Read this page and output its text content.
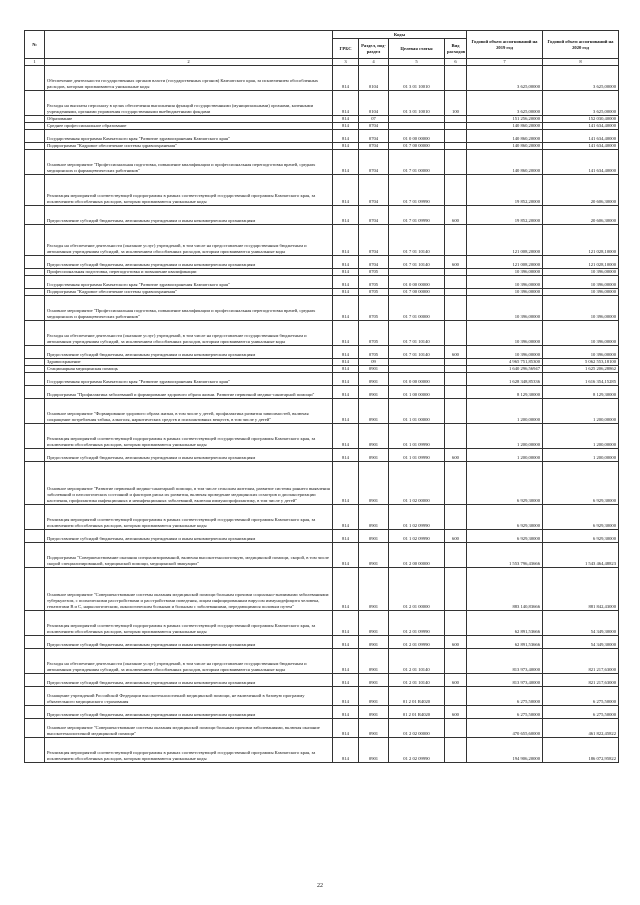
№		Коды				Годовой объем ассигнований на 2019 год	Годовой объем ассигнований на 2020 год
		ГРБС	Раздел, под-раздел	Целевая статья	Вид расходов		
1	2	3	4	5	6	7	8
	Обеспечение деятельности государственных органов власти (государственных органов) Камчатского края, за исключением обособленных расходов, которым присваиваются уникальные коды	814	0104	01 3 01 10010		3 625,00000	3 625,00000
	Расходы на выплаты персоналу в целях обеспечения выполнения функций государственными (муниципальными) органами, казенными учреждениями, органами управления государственными внебюджетными фондами	814	0104	01 3 01 10010	100	3 625,00000	3 625,00000
	Образование	814	07			151 256,20000	152 030,40000
	Среднее профессиональное образование	814	0704			140 860,20000	141 634,40000
	Государственная программа Камчатского края "Развитие здравоохранения Камчатского края"	814	0704	01 0 00 00000		140 860,20000	141 634,40000
	Подпрограмма "Кадровое обеспечение системы здравоохранения"	814	0704	01 7 00 00000		140 860,20000	141 634,40000
	Основное мероприятие "Профессиональная подготовка, повышение квалификации и профессиональная переподготовка врачей, средних медицинских и фармацевтических работников"	814	0704	01 7 01 00000		140 860,20000	141 634,40000
	Реализация мероприятий соответствующей подпрограммы в рамках соответствующей государственной программы Камчатского края, за исключением обособленных расходов, которым присваиваются уникальные коды	814	0704	01 7 01 09990		19 852,20000	20 606,30000
	Предоставление субсидий бюджетным, автономным учреждениям и иным некоммерческим организациям	814	0704	01 7 01 09990	600	19 852,20000	20 606,30000
	Расходы на обеспечение деятельности (оказание услуг) учреждений, в том числе на предоставление государственным бюджетным и автономным учреждениям субсидий, за исключением обособленных расходов, которым присваиваются уникальные коды	814	0704	01 7 01 10140		121 008,20000	121 028,10000
	Предоставление субсидий бюджетным, автономным учреждениям и иным некоммерческим организациям	814	0704	01 7 01 10140	600	121 008,20000	121 028,10000
	Профессиональная подготовка, переподготовка и повышение квалификации	814	0705			10 396,00000	10 396,00000
	Государственная программа Камчатского края "Развитие здравоохранения Камчатского края"	814	0705	01 0 00 00000		10 396,00000	10 396,00000
	Подпрограмма "Кадровое обеспечение системы здравоохранения"	814	0705	01 7 00 00000		10 396,00000	10 396,00000
	Основное мероприятие "Профессиональная подготовка, повышение квалификации и профессиональная переподготовка врачей, средних медицинских и фармацевтических работников"	814	0705	01 7 01 00000		10 396,00000	10 396,00000
	Расходы на обеспечение деятельности (оказание услуг) учреждений, в том числе на предоставление государственным бюджетным и автономным учреждениям субсидий, за исключением обособленных расходов, которым присваиваются уникальные коды	814	0705	01 7 01 10140		10 396,00000	10 396,00000
	Предоставление субсидий бюджетным, автономным учреждениям и иным некоммерческим организациям	814	0705	01 7 01 10140	600	10 396,00000	10 396,00000
	Здравоохранение	814	09			4 965 751,85300	5 062 553,18100
	Стационарная медицинская помощь	814	0901			1 640 296,56947	1 625 206,28862
	Государственная программа Камчатского края "Развитие здравоохранения Камчатского края"	814	0901	01 0 00 00000		1 628 348,85336	1 616 354,15285
	Подпрограмма "Профилактика заболеваний и формирование здорового образа жизни. Развитие первичной медико-санитарной помощи"	814	0901	01 1 00 00000		8 129,30000	8 129,30000
	Основное мероприятие "Формирование здорового образа жизни, в том числе у детей, профилактика развития зависимостей, включая сокращение потребления табака, алкоголя, наркотических средств и психоактивных веществ, в том числе у детей"	814	0901	01 1 01 00000		1 200,00000	1 200,00000
	Реализация мероприятий соответствующей подпрограммы в рамках соответствующей государственной программы Камчатского края, за исключением обособленных расходов, которым присваиваются уникальные коды	814	0901	01 1 01 09990		1 200,00000	1 200,00000
	Предоставление субсидий бюджетным, автономным учреждениям и иным некоммерческим организациям	814	0901	01 1 01 09990	600	1 200,00000	1 200,00000
	Основное мероприятие "Развитие первичной медико-санитарной помощи, в том числе сельским жителям, развитие системы раннего выявления заболеваний и патологических состояний и факторов риска их развития, включая проведение медицинских осмотров и диспансеризации населения, профилактика инфекционных и неинфекционных заболеваний, включая иммунопрофилактику, в том числе у детей"	814	0901	01 1 02 00000		6 929,30000	6 929,30000
	Реализация мероприятий соответствующей подпрограммы в рамках соответствующей государственной программы Камчатского края, за исключением обособленных расходов, которым присваиваются уникальные коды	814	0901	01 1 02 09990		6 929,30000	6 929,30000
	Предоставление субсидий бюджетным, автономным учреждениям и иным некоммерческим организациям	814	0901	01 1 02 09990	600	6 929,30000	6 929,30000
	Подпрограмма "Совершенствование оказания специализированной, включая высокотехнологичную, медицинской помощи, скорой, в том числе скорой специализированной, медицинской помощи, медицинской эвакуации"	814	0901	01 2 00 00000		1 553 796,43666	1 543 464,48823
	Основное мероприятие "Совершенствование системы оказания медицинской помощи больным прочими социально-значимыми заболеваниями: туберкулезом, с психическими расстройствами и расстройствами поведения, лицам инфицированным вирусом иммунодефицита человека, гепатитами В и С, наркологическим, онкологическим больным и больным с заболеваниями, передающимися половым путем"	814	0901	01 2 01 00000		883 140,83666	881 842,43000
	Реализация мероприятий соответствующей подпрограммы в рамках соответствующей государственной программы Камчатского края, за исключением обособленных расходов, которым присваиваются уникальные коды	814	0901	01 2 01 09990		62 891,53666	54 349,30000
	Предоставление субсидий бюджетным, автономным учреждениям и иным некоммерческим организациям	814	0901	01 2 01 09990	600	62 891,53666	54 349,30000
	Расходы на обеспечение деятельности (оказание услуг) учреждений, в том числе на предоставление государственным бюджетным и автономным учреждениям субсидий, за исключением обособленных расходов, которым присваиваются уникальные коды	814	0901	01 2 01 10140		813 973,40000	821 217,63000
	Предоставление субсидий бюджетным, автономным учреждениям и иным некоммерческим организациям	814	0901	01 2 01 10140	600	813 973,40000	821 217,63000
	Оснащение учреждений Российской Федерации высокотехнологичной медицинской помощи, не включенной в базовую программу обязательного медицинского страхования	814	0901	01 2 01 R4020		6 275,50000	6 275,50000
	Предоставление субсидий бюджетным, автономным учреждениям и иным некоммерческим организациям	814	0901	01 2 01 R4020	600	6 275,50000	6 275,50000
	Основное мероприятие "Совершенствование системы оказания медицинской помощи больным прочими заболеваниями, включая оказание высокотехнологичной медицинской помощи"	814	0901	01 2 02 00000		470 655,60000	461 822,45822
	Реализация мероприятий соответствующей подпрограммы в рамках соответствующей государственной программы Камчатского края, за исключением обособленных расходов, которым присваиваются уникальные коды	814	0901	01 2 02 09990		194 906,20000	186 072,95822
22
